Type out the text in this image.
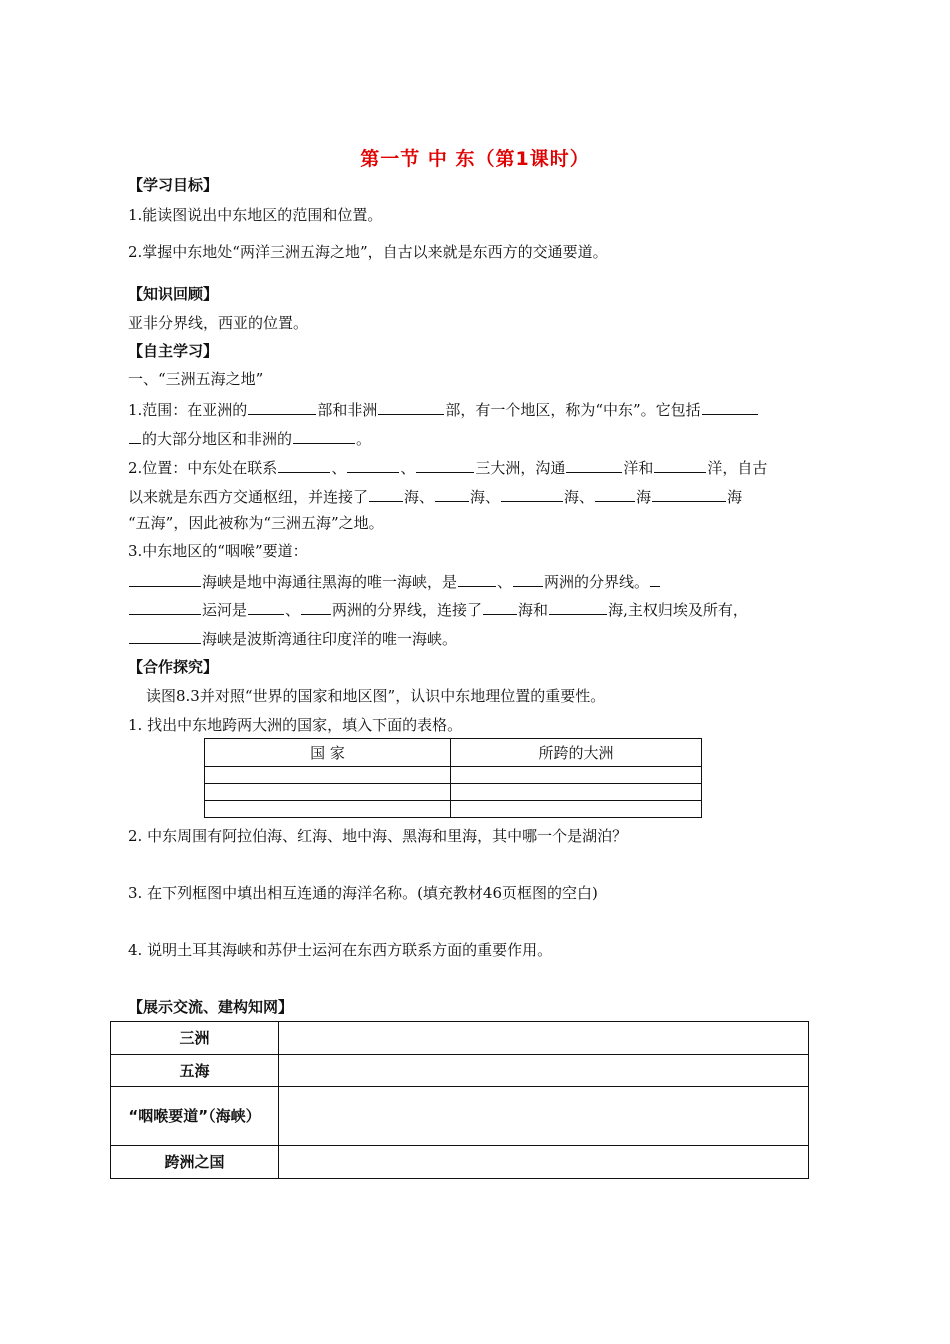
第一节 中 东（第1课时）
【学习目标】
1.能读图说出中东地区的范围和位置。
2.掌握中东地处“两洋三洲五海之地”，自古以来就是东西方的交通要道。
【知识回顾】
亚非分界线，西亚的位置。
【自主学习】
一、“三洲五海之地”
1.范围：在亚洲的	部和非洲	部，有一个地区，称为“中东”。它包括
的大部分地区和非洲的	。
2.位置：中东处在联系	、	、	三大洲，沟通	洋和	洋，自古
以来就是东西方交通枢纽，并连接了 海、 海、	海、	海	海
“五海”，因此被称为“三洲五海”之地。
3.中东地区的“咽喉”要道：
海峡是地中海通往黑海的唯一海峡，是	、 两洲的分界线。
运河是	、 两洲的分界线，连接了 海和	海,主权归埃及所有，
海峡是波斯湾通往印度洋的唯一海峡。
【合作探究】
读图8.3并对照“世界的国家和地区图”，认识中东地理位置的重要性。
1. 找出中东地跨两大洲的国家，填入下面的表格。
国 家	所跨的大洲

2. 中东周围有阿拉伯海、红海、地中海、黑海和里海，其中哪一个是湖泊？
3. 在下列框图中填出相互连通的海洋名称。(填充教材46页框图的空白)
4. 说明土耳其海峡和苏伊士运河在东西方联系方面的重要作用。
【展示交流、建构知网】
三洲	
五海	
“咽喉要道”（海峡）	
跨洲之国	
